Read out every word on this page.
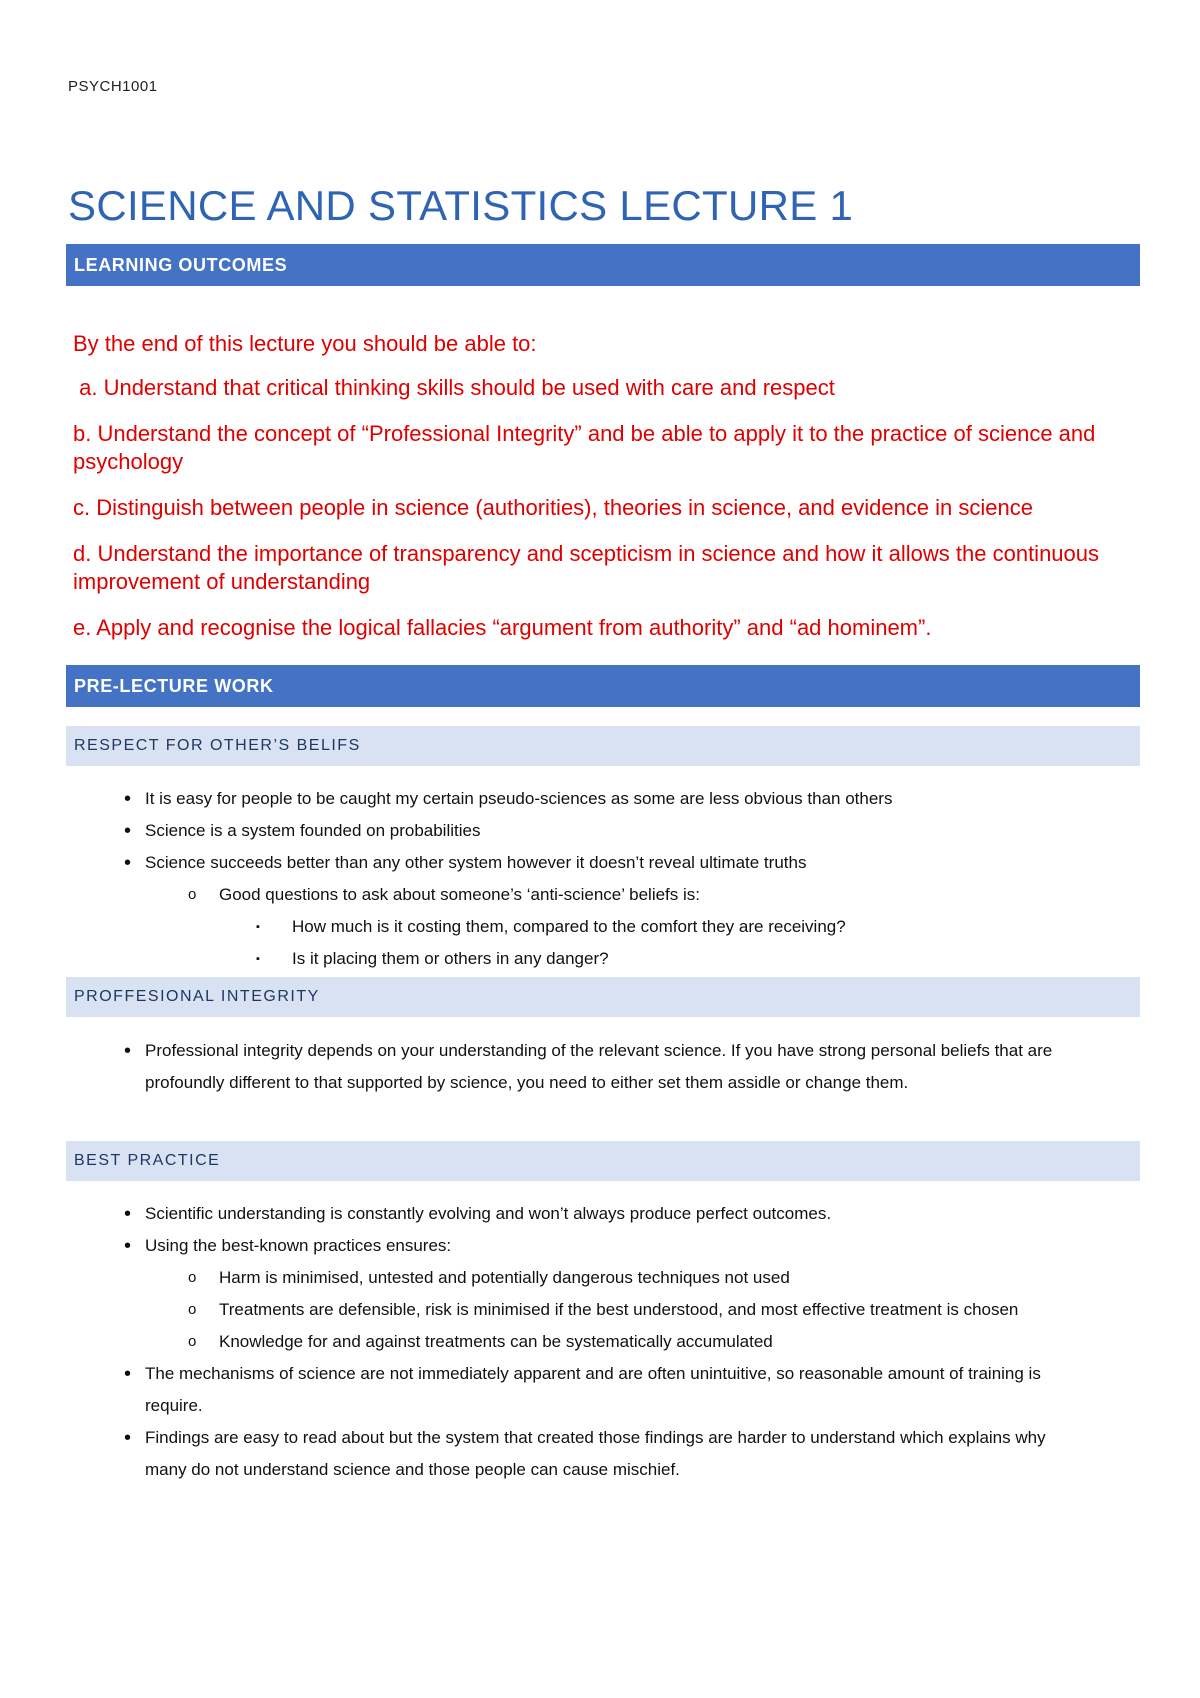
PSYCH1001
SCIENCE AND STATISTICS LECTURE 1
LEARNING OUTCOMES

By the end of this lecture you should be able to:

a. Understand that critical thinking skills should be used with care and respect

b. Understand the concept of “Professional Integrity” and be able to apply it to the practice of science and psychology

c. Distinguish between people in science (authorities), theories in science, and evidence in science

d. Understand the importance of transparency and scepticism in science and how it allows the continuous improvement of understanding

e. Apply and recognise the logical fallacies “argument from authority” and “ad hominem”.

PRE-LECTURE WORK
RESPECT FOR OTHER’S BELIFS
• It is easy for people to be caught my certain pseudo-sciences as some are less obvious than others
• Science is a system founded on probabilities
• Science succeeds better than any other system however it doesn’t reveal ultimate truths
o Good questions to ask about someone’s ‘anti-science’ beliefs is:
▪ How much is it costing them, compared to the comfort they are receiving?
▪ Is it placing them or others in any danger?
PROFFESIONAL INTEGRITY
• Professional integrity depends on your understanding of the relevant science. If you have strong personal beliefs that are profoundly different to that supported by science, you need to either set them assidle or change them.
BEST PRACTICE
• Scientific understanding is constantly evolving and won’t always produce perfect outcomes.
• Using the best-known practices ensures:
o Harm is minimised, untested and potentially dangerous techniques not used
o Treatments are defensible, risk is minimised if the best understood, and most effective treatment is chosen
o Knowledge for and against treatments can be systematically accumulated
• The mechanisms of science are not immediately apparent and are often unintuitive, so reasonable amount of training is require.
• Findings are easy to read about but the system that created those findings are harder to understand which explains why many do not understand science and those people can cause mischief.
